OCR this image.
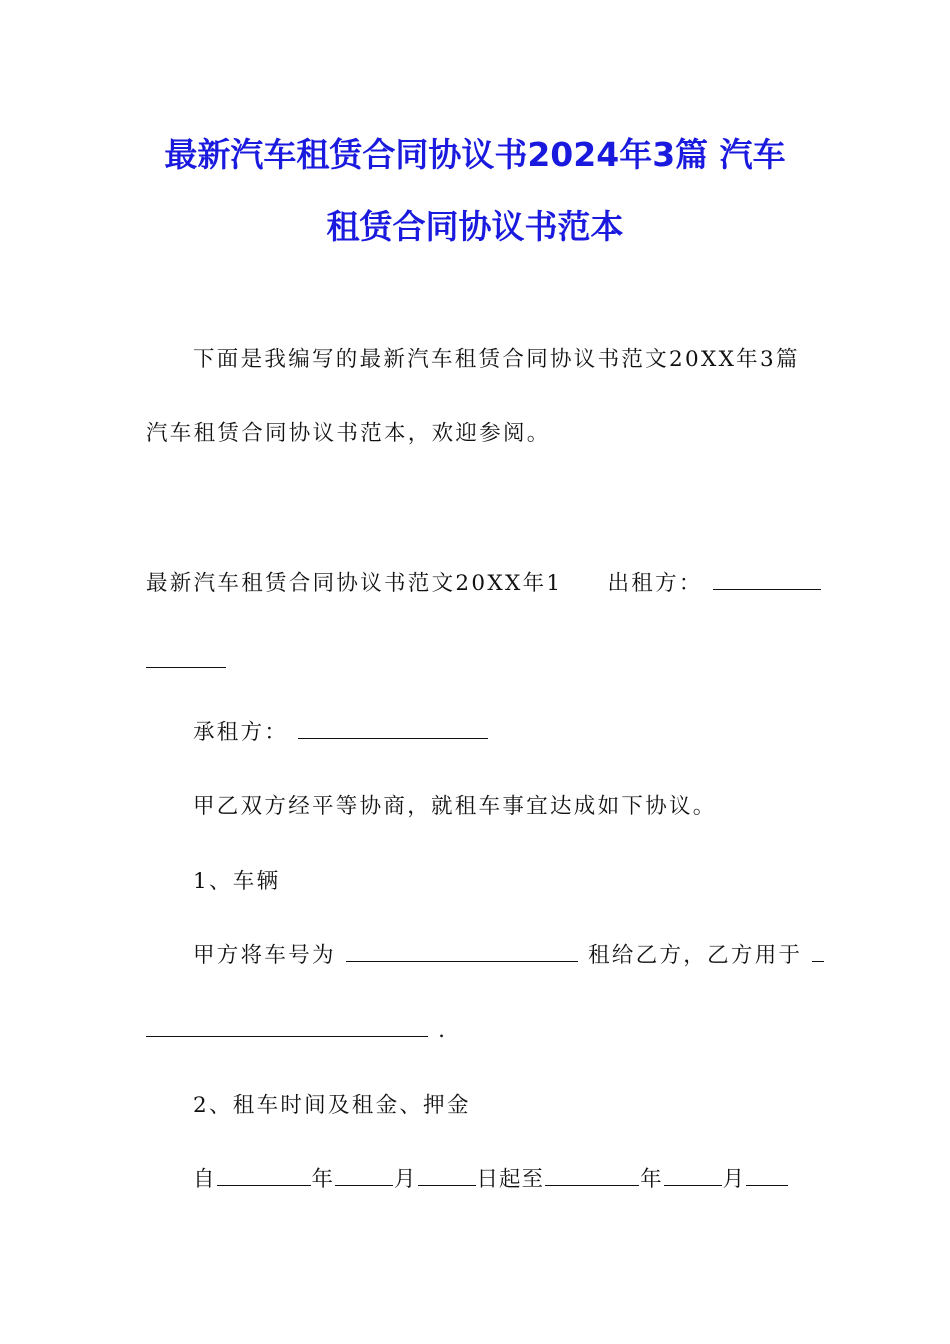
最新汽车租赁合同协议书2024年3篇 汽车
租赁合同协议书范本
下面是我编写的最新汽车租赁合同协议书范文20XX年3篇
汽车租赁合同协议书范本，欢迎参阅。
最新汽车租赁合同协议书范文20XX年1 出租方：
承租方：
甲乙双方经平等协商，就租车事宜达成如下协议。
1、车辆
甲方将车号为	租给乙方，乙方用于
.
2、租车时间及租金、押金
自	年	月	日起至	年	月
